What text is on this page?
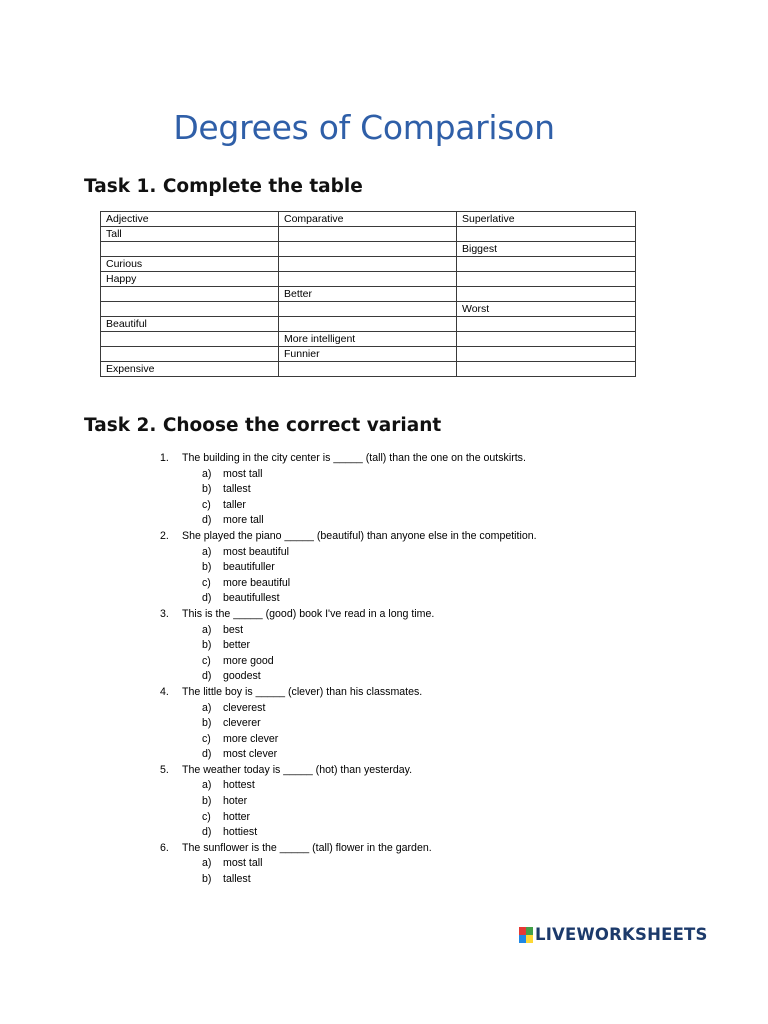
Degrees of Comparison
Task 1. Complete the table
Adjective	Comparative	Superlative
Tall		
		Biggest
Curious		
Happy		
	Better	
		Worst
Beautiful		
	More intelligent	
	Funnier	
Expensive		
Task 2. Choose the correct variant
1.	The building in the city center is _____ (tall) than the one on the outskirts.
a)	most tall
b)	tallest
c)	taller
d)	more tall
2.	She played the piano _____ (beautiful) than anyone else in the competition.
a)	most beautiful
b)	beautifuller
c)	more beautiful
d)	beautifullest
3.	This is the _____ (good) book I've read in a long time.
a)	best
b)	better
c)	more good
d)	goodest
4.	The little boy is _____ (clever) than his classmates.
a)	cleverest
b)	cleverer
c)	more clever
d)	most clever
5.	The weather today is _____ (hot) than yesterday.
a)	hottest
b)	hoter
c)	hotter
d)	hottiest
6.	The sunflower is the _____ (tall) flower in the garden.
a)	most tall
b)	tallest
LIVEWORKSHEETS
